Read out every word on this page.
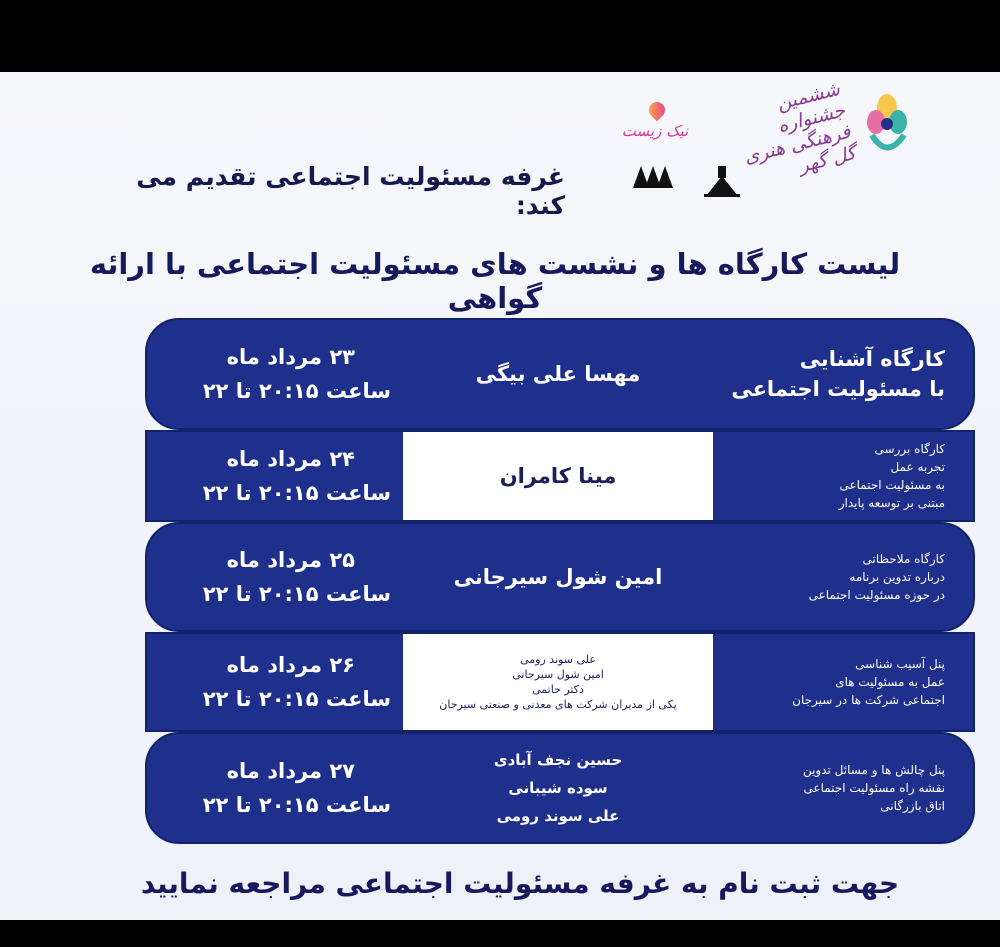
ششمین جشنواره فرهنگی هنری گل گهر
نیک زیست
غرفه مسئولیت اجتماعی تقدیم می کند:
لیست کارگاه ها و نشست های مسئولیت اجتماعی با ارائه گواهی
کارگاه آشنایی
با مسئولیت اجتماعی
مهسا علی بیگی
۲۳ مرداد ماه
ساعت ۲۰:۱۵ تا ۲۲
کارگاه بررسی
تجربه عمل
به مسئولیت اجتماعی
مبتنی بر توسعه پایدار
مینا کامران
۲۴ مرداد ماه
ساعت ۲۰:۱۵ تا ۲۲
کارگاه ملاحظاتی
درباره تدوین برنامه
در حوزه مسئولیت اجتماعی
امین شول سیرجانی
۲۵ مرداد ماه
ساعت ۲۰:۱۵ تا ۲۲
پنل آسیب شناسی
عمل به مسئولیت های
اجتماعی شرکت ها در سیرجان
علی سوند رومی
امین شول سیرجانی
دکتر حاتمی
یکی از مدیران شرکت های معدنی و صنعتی سیرجان
۲۶ مرداد ماه
ساعت ۲۰:۱۵ تا ۲۲
پنل چالش ها و مسائل تدوین
نقشه راه مسئولیت اجتماعی
اتاق بازرگانی
حسین نجف آبادی
سوده شیبانی
علی سوند رومی
۲۷ مرداد ماه
ساعت ۲۰:۱۵ تا ۲۲
جهت ثبت نام به غرفه مسئولیت اجتماعی مراجعه نمایید
